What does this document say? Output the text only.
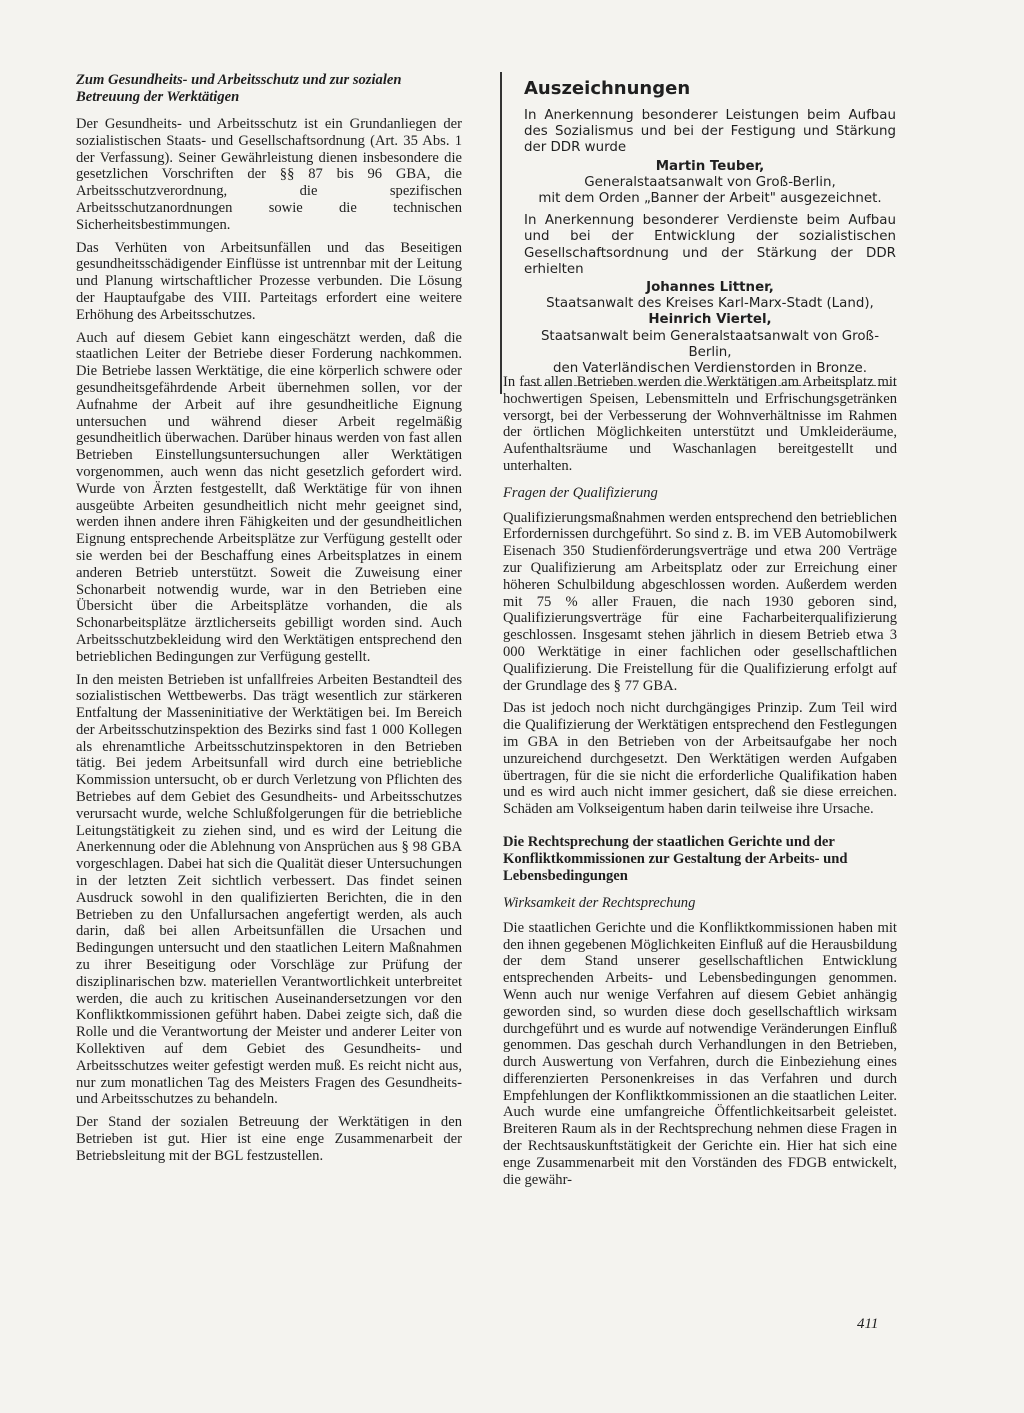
Zum Gesundheits- und Arbeitsschutz und zur sozialen Betreuung der Werktätigen

Der Gesundheits- und Arbeitsschutz ist ein Grundanliegen der sozialistischen Staats- und Gesellschaftsordnung (Art. 35 Abs. 1 der Verfassung). Seiner Gewährleistung dienen insbesondere die gesetzlichen Vorschriften der §§ 87 bis 96 GBA, die Arbeitsschutzverordnung, die spezifischen Arbeitsschutzanordnungen sowie die technischen Sicherheitsbestimmungen.

Das Verhüten von Arbeitsunfällen und das Beseitigen gesundheitsschädigender Einflüsse ist untrennbar mit der Leitung und Planung wirtschaftlicher Prozesse verbunden. Die Lösung der Hauptaufgabe des VIII. Parteitags erfordert eine weitere Erhöhung des Arbeitsschutzes.

Auch auf diesem Gebiet kann eingeschätzt werden, daß die staatlichen Leiter der Betriebe dieser Forderung nachkommen. Die Betriebe lassen Werktätige, die eine körperlich schwere oder gesundheitsgefährdende Arbeit übernehmen sollen, vor der Aufnahme der Arbeit auf ihre gesundheitliche Eignung untersuchen und während dieser Arbeit regelmäßig gesundheitlich überwachen. Darüber hinaus werden von fast allen Betrieben Einstellungsuntersuchungen aller Werktätigen vorgenommen, auch wenn das nicht gesetzlich gefordert wird. Wurde von Ärzten festgestellt, daß Werktätige für von ihnen ausgeübte Arbeiten gesundheitlich nicht mehr geeignet sind, werden ihnen andere ihren Fähigkeiten und der gesundheitlichen Eignung entsprechende Arbeitsplätze zur Verfügung gestellt oder sie werden bei der Beschaffung eines Arbeitsplatzes in einem anderen Betrieb unterstützt. Soweit die Zuweisung einer Schonarbeit notwendig wurde, war in den Betrieben eine Übersicht über die Arbeitsplätze vorhanden, die als Schonarbeitsplätze ärztlicherseits gebilligt worden sind. Auch Arbeitsschutzbekleidung wird den Werktätigen entsprechend den betrieblichen Bedingungen zur Verfügung gestellt.

In den meisten Betrieben ist unfallfreies Arbeiten Bestandteil des sozialistischen Wettbewerbs. Das trägt wesentlich zur stärkeren Entfaltung der Masseninitiative der Werktätigen bei. Im Bereich der Arbeitsschutzinspektion des Bezirks sind fast 1 000 Kollegen als ehrenamtliche Arbeitsschutzinspektoren in den Betrieben tätig. Bei jedem Arbeitsunfall wird durch eine betriebliche Kommission untersucht, ob er durch Verletzung von Pflichten des Betriebes auf dem Gebiet des Gesundheits- und Arbeitsschutzes verursacht wurde, welche Schlußfolgerungen für die betriebliche Leitungstätigkeit zu ziehen sind, und es wird der Leitung die Anerkennung oder die Ablehnung von Ansprüchen aus § 98 GBA vorgeschlagen. Dabei hat sich die Qualität dieser Untersuchungen in der letzten Zeit sichtlich verbessert. Das findet seinen Ausdruck sowohl in den qualifizierten Berichten, die in den Betrieben zu den Unfallursachen angefertigt werden, als auch darin, daß bei allen Arbeitsunfällen die Ursachen und Bedingungen untersucht und den staatlichen Leitern Maßnahmen zu ihrer Beseitigung oder Vorschläge zur Prüfung der disziplinarischen bzw. materiellen Verantwortlichkeit unterbreitet werden, die auch zu kritischen Auseinandersetzungen vor den Konfliktkommissionen geführt haben. Dabei zeigte sich, daß die Rolle und die Verantwortung der Meister und anderer Leiter von Kollektiven auf dem Gebiet des Gesundheits- und Arbeitsschutzes weiter gefestigt werden muß. Es reicht nicht aus, nur zum monatlichen Tag des Meisters Fragen des Gesundheits- und Arbeitsschutzes zu behandeln.

Der Stand der sozialen Betreuung der Werktätigen in den Betrieben ist gut. Hier ist eine enge Zusammenarbeit der Betriebsleitung mit der BGL festzustellen.

Auszeichnungen
In Anerkennung besonderer Leistungen beim Aufbau des Sozialismus und bei der Festigung und Stärkung der DDR wurde
Martin Teuber,
Generalstaatsanwalt von Groß-Berlin,
mit dem Orden „Banner der Arbeit" ausgezeichnet.
In Anerkennung besonderer Verdienste beim Aufbau und bei der Entwicklung der sozialistischen Gesellschaftsordnung und der Stärkung der DDR erhielten
Johannes Littner,
Staatsanwalt des Kreises Karl-Marx-Stadt (Land),
Heinrich Viertel,
Staatsanwalt beim Generalstaatsanwalt von Groß-Berlin,
den Vaterländischen Verdienstorden in Bronze.

In fast allen Betrieben werden die Werktätigen am Arbeitsplatz mit hochwertigen Speisen, Lebensmitteln und Erfrischungsgetränken versorgt, bei der Verbesserung der Wohnverhältnisse im Rahmen der örtlichen Möglichkeiten unterstützt und Umkleideräume, Aufenthaltsräume und Waschanlagen bereitgestellt und unterhalten.

Fragen der Qualifizierung

Qualifizierungsmaßnahmen werden entsprechend den betrieblichen Erfordernissen durchgeführt. So sind z. B. im VEB Automobilwerk Eisenach 350 Studienförderungsverträge und etwa 200 Verträge zur Qualifizierung am Arbeitsplatz oder zur Erreichung einer höheren Schulbildung abgeschlossen worden. Außerdem werden mit 75 % aller Frauen, die nach 1930 geboren sind, Qualifizierungsverträge für eine Facharbeiterqualifizierung geschlossen. Insgesamt stehen jährlich in diesem Betrieb etwa 3 000 Werktätige in einer fachlichen oder gesellschaftlichen Qualifizierung. Die Freistellung für die Qualifizierung erfolgt auf der Grundlage des § 77 GBA.

Das ist jedoch noch nicht durchgängiges Prinzip. Zum Teil wird die Qualifizierung der Werktätigen entsprechend den Festlegungen im GBA in den Betrieben von der Arbeitsaufgabe her noch unzureichend durchgesetzt. Den Werktätigen werden Aufgaben übertragen, für die sie nicht die erforderliche Qualifikation haben und es wird auch nicht immer gesichert, daß sie diese erreichen. Schäden am Volkseigentum haben darin teilweise ihre Ursache.

Die Rechtsprechung der staatlichen Gerichte und der Konfliktkommissionen zur Gestaltung der Arbeits- und Lebensbedingungen
Wirksamkeit der Rechtsprechung

Die staatlichen Gerichte und die Konfliktkommissionen haben mit den ihnen gegebenen Möglichkeiten Einfluß auf die Herausbildung der dem Stand unserer gesellschaftlichen Entwicklung entsprechenden Arbeits- und Lebensbedingungen genommen. Wenn auch nur wenige Verfahren auf diesem Gebiet anhängig geworden sind, so wurden diese doch gesellschaftlich wirksam durchgeführt und es wurde auf notwendige Veränderungen Einfluß genommen. Das geschah durch Verhandlungen in den Betrieben, durch Auswertung von Verfahren, durch die Einbeziehung eines differenzierten Personenkreises in das Verfahren und durch Empfehlungen der Konfliktkommissionen an die staatlichen Leiter. Auch wurde eine umfangreiche Öffentlichkeitsarbeit geleistet. Breiteren Raum als in der Rechtsprechung nehmen diese Fragen in der Rechtsauskunftstätigkeit der Gerichte ein. Hier hat sich eine enge Zusammenarbeit mit den Vorständen des FDGB entwickelt, die gewähr-

411
